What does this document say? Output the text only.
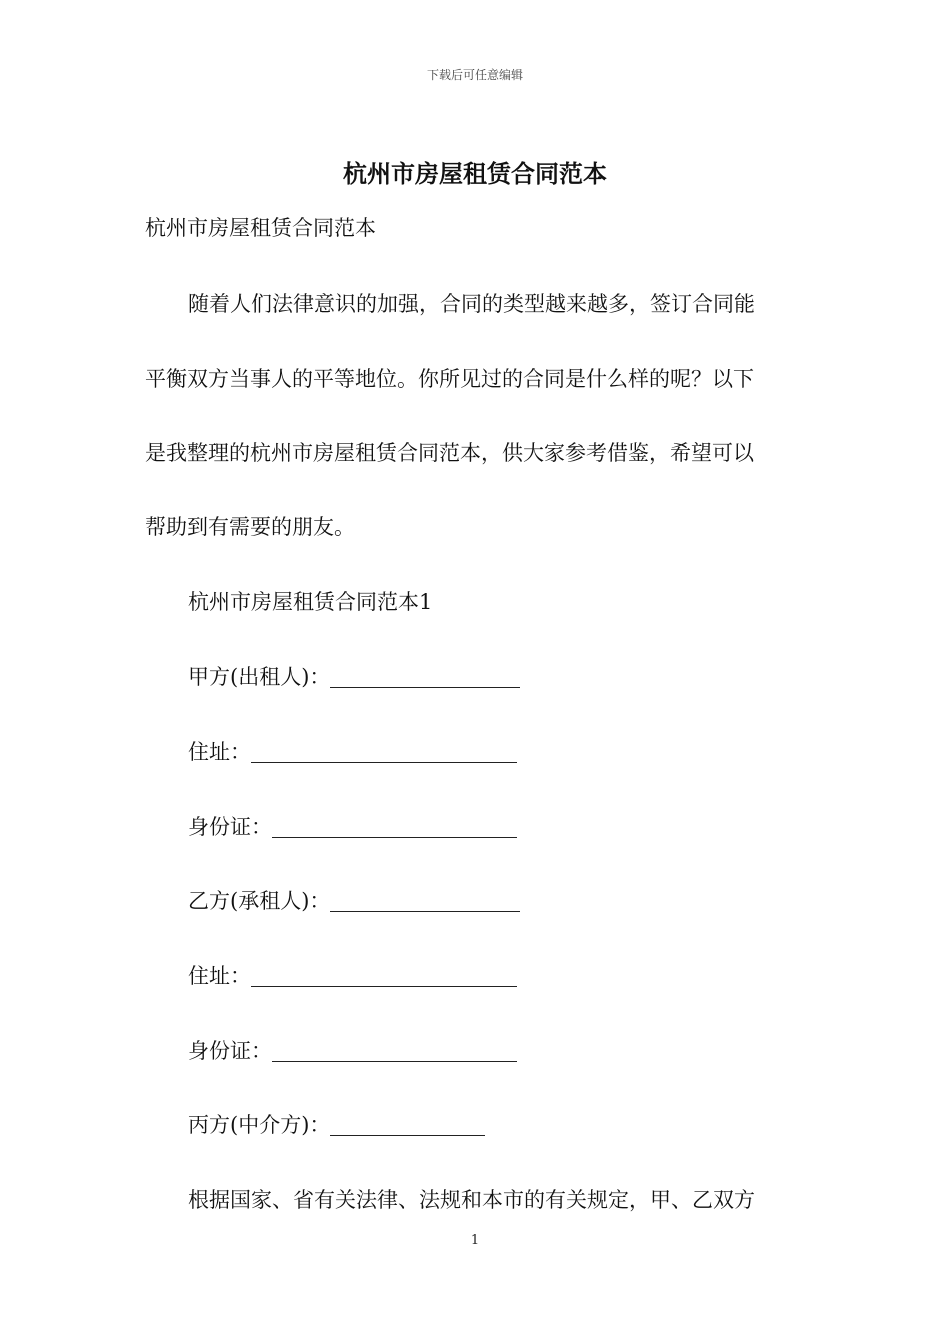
下载后可任意编辑
杭州市房屋租赁合同范本
杭州市房屋租赁合同范本
随着人们法律意识的加强，合同的类型越来越多，签订合同能
平衡双方当事人的平等地位。你所见过的合同是什么样的呢？以下
是我整理的杭州市房屋租赁合同范本，供大家参考借鉴，希望可以
帮助到有需要的朋友。
杭州市房屋租赁合同范本1
甲方(出租人)：
住址：
身份证：
乙方(承租人)：
住址：
身份证：
丙方(中介方)：
根据国家、省有关法律、法规和本市的有关规定，甲、乙双方
1
